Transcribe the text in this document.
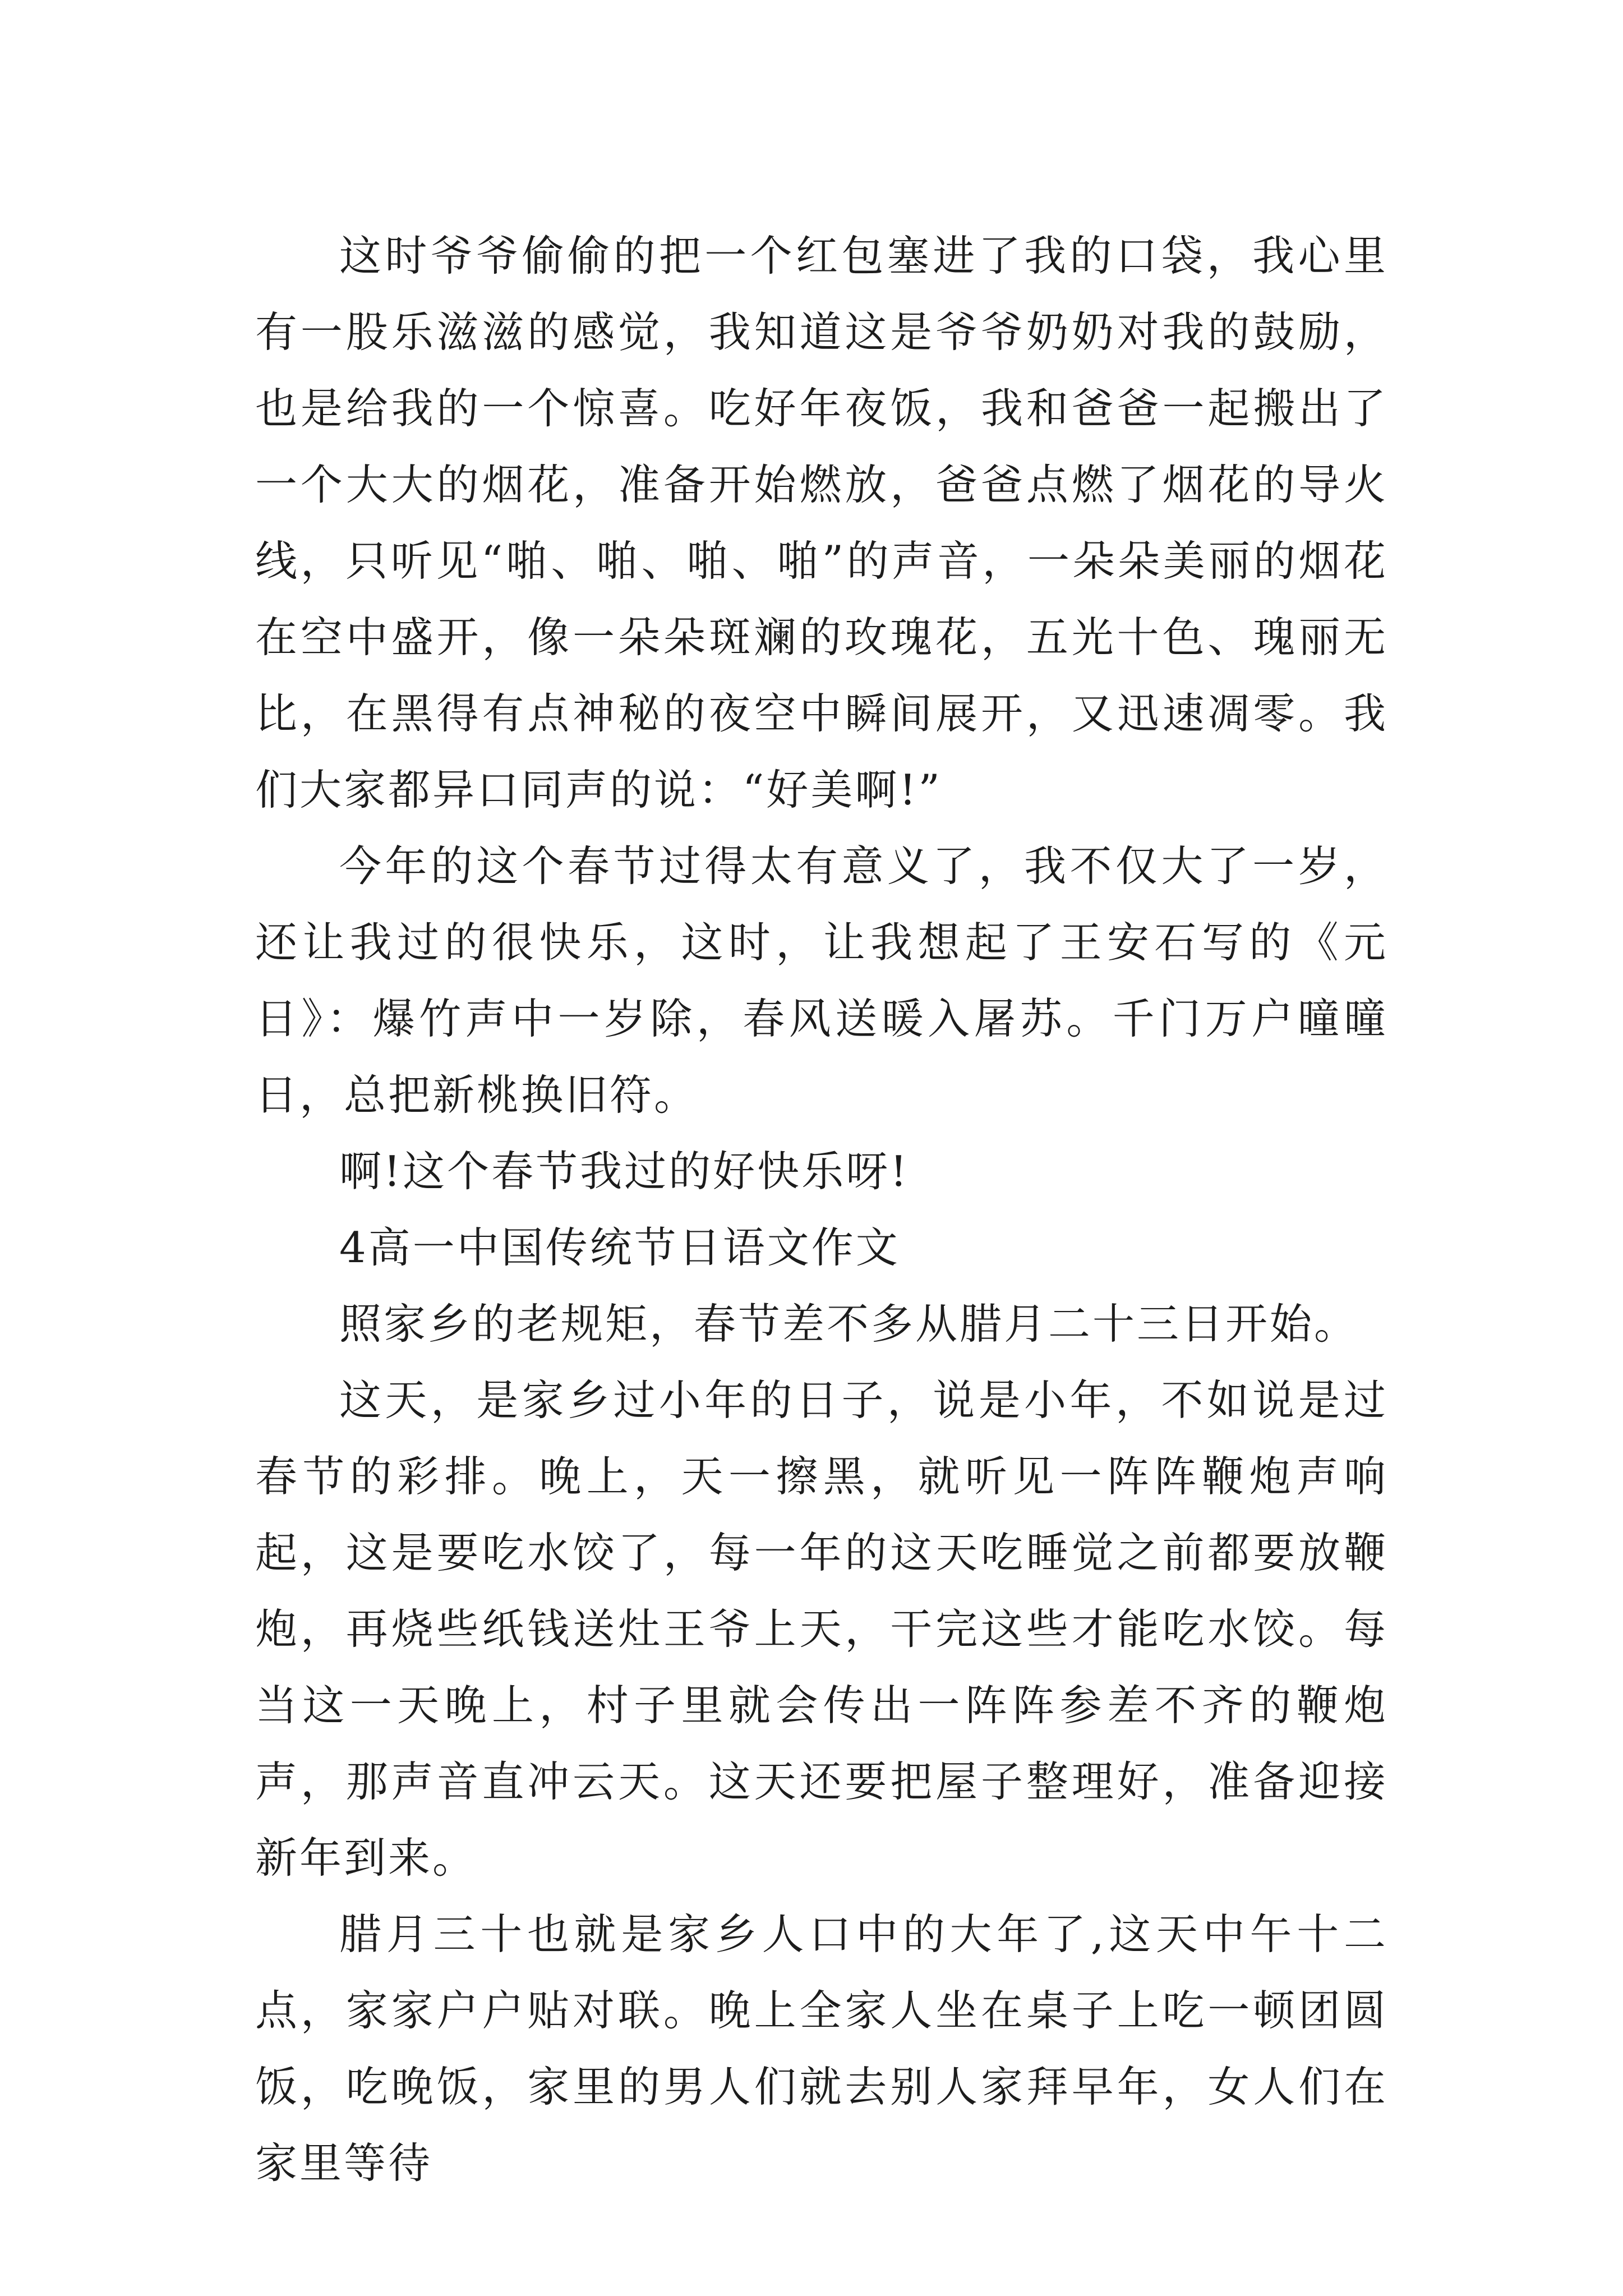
这时爷爷偷偷的把一个红包塞进了我的口袋，我心里有一股乐滋滋的感觉，我知道这是爷爷奶奶对我的鼓励，也是给我的一个惊喜。吃好年夜饭，我和爸爸一起搬出了一个大大的烟花，准备开始燃放，爸爸点燃了烟花的导火线，只听见“啪、啪、啪、啪”的声音，一朵朵美丽的烟花在空中盛开，像一朵朵斑斓的玫瑰花，五光十色、瑰丽无比，在黑得有点神秘的夜空中瞬间展开，又迅速凋零。我们大家都异口同声的说：“好美啊!”

今年的这个春节过得太有意义了，我不仅大了一岁，还让我过的很快乐，这时，让我想起了王安石写的《元日》：爆竹声中一岁除，春风送暖入屠苏。千门万户曈曈日，总把新桃换旧符。

啊!这个春节我过的好快乐呀!

4高一中国传统节日语文作文

照家乡的老规矩，春节差不多从腊月二十三日开始。

这天，是家乡过小年的日子，说是小年，不如说是过春节的彩排。晚上，天一擦黑，就听见一阵阵鞭炮声响起，这是要吃水饺了，每一年的这天吃睡觉之前都要放鞭炮，再烧些纸钱送灶王爷上天，干完这些才能吃水饺。每当这一天晚上，村子里就会传出一阵阵参差不齐的鞭炮声，那声音直冲云天。这天还要把屋子整理好，准备迎接新年到来。

腊月三十也就是家乡人口中的大年了,这天中午十二点，家家户户贴对联。晚上全家人坐在桌子上吃一顿团圆饭，吃晚饭，家里的男人们就去别人家拜早年，女人们在家里等待
